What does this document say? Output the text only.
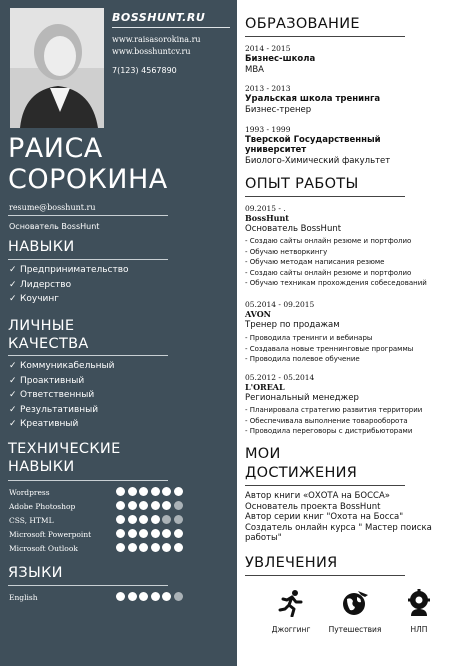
BOSSHUNT.RU
www.raisasorokina.ru
www.bosshuntcv.ru
7(123) 4567890
РАИСА
СОРОКИНА
resume@bosshunt.ru
Основатель BossHunt
НАВЫКИ
✓ Предпринимательство
✓ Лидерство
✓ Коучинг
ЛИЧНЫЕ
КАЧЕСТВА
✓ Коммуникабельный
✓ Проактивный
✓ Ответственный
✓ Результативный
✓ Креативный
ТЕХНИЧЕСКИЕ
НАВЫКИ
Wordpress
Adobe Photoshop
CSS, HTML
Microsoft Powerpoint
Microsoft Outlook
ЯЗЫКИ
English
ОБРАЗОВАНИЕ
2014 - 2015
Бизнес-школа
MBA
2013 - 2013
Уральская школа тренинга
Бизнес-тренер
1993 - 1999
Тверской Государственный
университет
Биолого-Химический факультет
ОПЫТ РАБОТЫ
09.2015 - .
BossHunt
Основатель BossHunt
- Создаю сайты онлайн резюме и портфолио
- Обучаю нетворкингу
- Обучаю методам написания резюме
- Создаю сайты онлайн резюме и портфолио
- Обучаю техникам прохождения собеседований
05.2014 - 09.2015
AVON
Тренер по продажам
- Проводила тренинги и вебинары
- Создавала новые треннинговые программы
- Проводила полевое обучение
05.2012 - 05.2014
L'OREAL
Региональный менеджер
- Планировала стратегию развития территории
- Обеспечивала выполнение товарооборота
- Проводила переговоры с дистрибьюторами
МОИ
ДОСТИЖЕНИЯ
Автор книги «ОХОТА на БОССА»
Основатель проекта BossHunt
Автор серии книг "Охота на Босса"
Создатель онлайн курса " Мастер поиска
работы"
УВЛЕЧЕНИЯ
Джоггинг	Путешествия	НЛП
